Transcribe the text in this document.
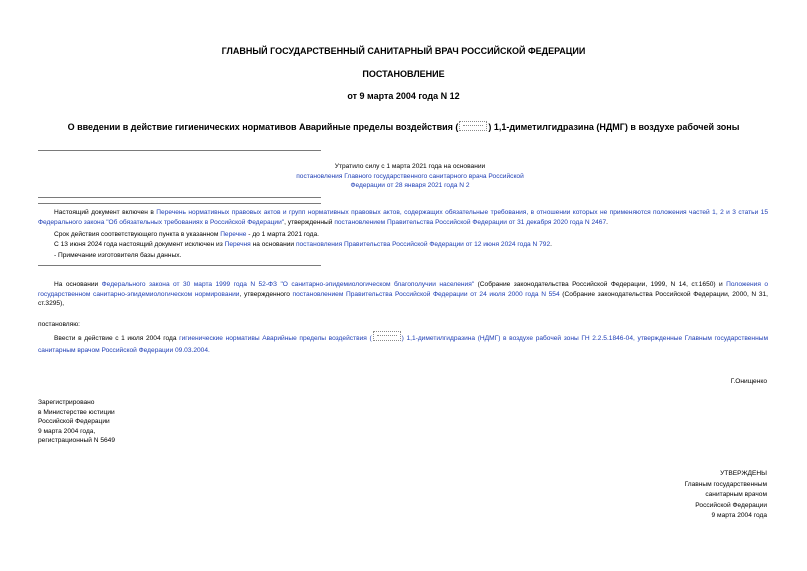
ГЛАВНЫЙ ГОСУДАРСТВЕННЫЙ САНИТАРНЫЙ ВРАЧ РОССИЙСКОЙ ФЕДЕРАЦИИ
ПОСТАНОВЛЕНИЕ
от 9 марта 2004 года N 12
О введении в действие гигиенических нормативов Аварийные пределы воздействия (	) 1,1-диметилгидразина (НДМГ) в воздухе рабочей зоны
Утратило силу с 1 марта 2021 года на основании
постановления Главного государственного санитарного врача Российской Федерации от 28 января 2021 года N 2
Настоящий документ включен в Перечень нормативных правовых актов и групп нормативных правовых актов, содержащих обязательные требования, в отношении которых не применяются положения частей 1, 2 и 3 статьи 15 Федерального закона "Об обязательных требованиях в Российской Федерации", утвержденный постановлением Правительства Российской Федерации от 31 декабря 2020 года N 2467.
Срок действия соответствующего пункта в указанном Перечне - до 1 марта 2021 года.
С 13 июня 2024 года настоящий документ исключен из Перечня на основании постановления Правительства Российской Федерации от 12 июня 2024 года N 792.
- Примечание изготовителя базы данных.
На основании Федерального закона от 30 марта 1999 года N 52-ФЗ "О санитарно-эпидемиологическом благополучии населения" (Собрание законодательства Российской Федерации, 1999, N 14, ст.1650) и Положения о государственном санитарно-эпидемиологическом нормировании, утвержденного постановлением Правительства Российской Федерации от 24 июля 2000 года N 554 (Собрание законодательства Российской Федерации, 2000, N 31, ст.3295),
постановляю:
Ввести в действие с 1 июля 2004 года гигиенические нормативы Аварийные пределы воздействия (	) 1,1-диметилгидразина (НДМГ) в воздухе рабочей зоны ГН 2.2.5.1846-04, утвержденные Главным государственным санитарным врачом Российской Федерации 09.03.2004.
Г.Онищенко
Зарегистрировано
в Министерстве юстиции
Российской Федерации
9 марта 2004 года,
регистрационный N 5649
УТВЕРЖДЕНЫ
Главным государственным
санитарным врачом
Российской Федерации
9 марта 2004 года
